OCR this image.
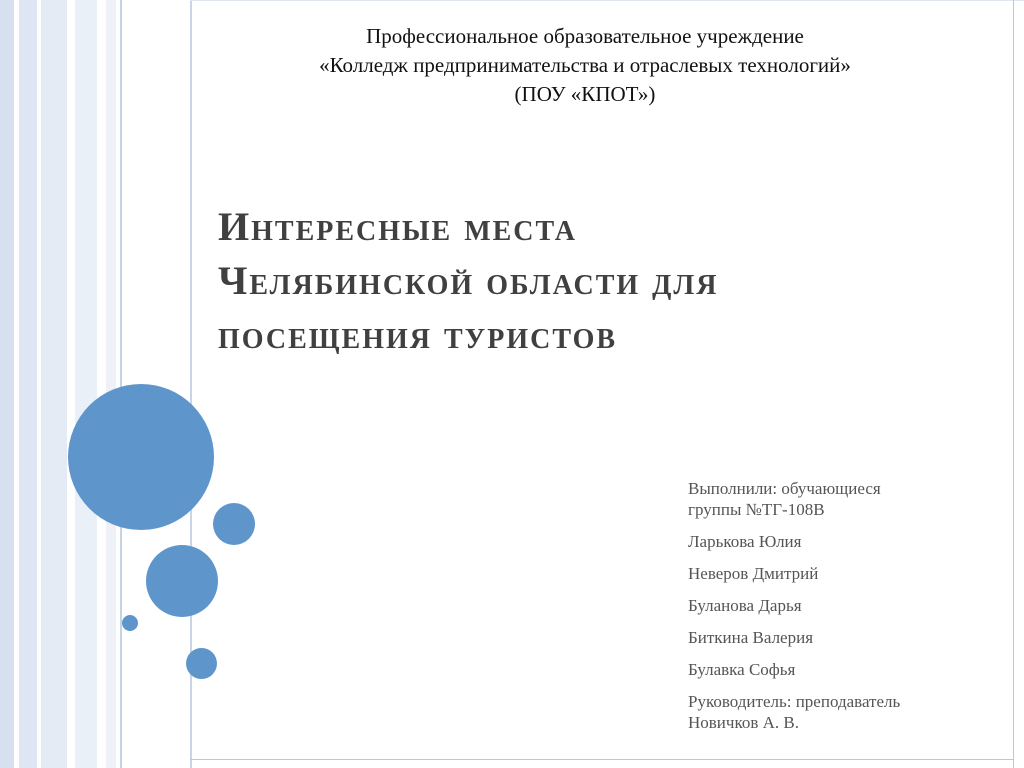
Профессиональное образовательное учреждение
«Колледж предпринимательства и отраслевых технологий»
(ПОУ «КПОТ»)
Интересные места
Челябинской области для
посещения туристов
Выполнили: обучающиеся
группы №ТГ-108В
Ларькова Юлия
Неверов Дмитрий
Буланова Дарья
Биткина Валерия
Булавка Софья
Руководитель: преподаватель
Новичков А. В.
